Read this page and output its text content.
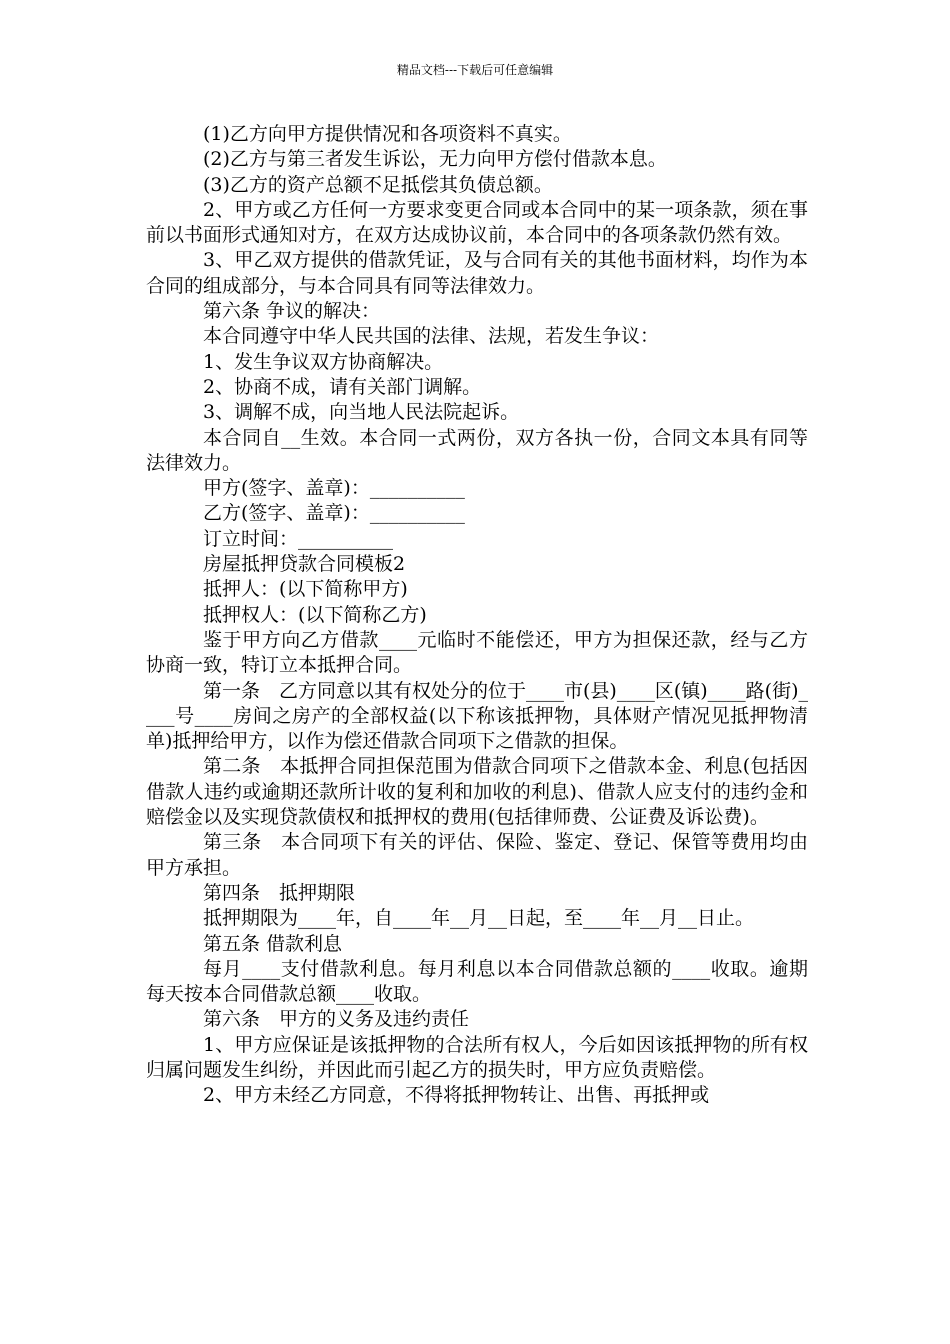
精品文档---下载后可任意编辑

(1)乙方向甲方提供情况和各项资料不真实。

(2)乙方与第三者发生诉讼，无力向甲方偿付借款本息。

(3)乙方的资产总额不足抵偿其负债总额。

2、甲方或乙方任何一方要求变更合同或本合同中的某一项条款，须在事前以书面形式通知对方，在双方达成协议前，本合同中的各项条款仍然有效。

3、甲乙双方提供的借款凭证，及与合同有关的其他书面材料，均作为本合同的组成部分，与本合同具有同等法律效力。

第六条 争议的解决：

本合同遵守中华人民共国的法律、法规，若发生争议：

1、发生争议双方协商解决。

2、协商不成，请有关部门调解。

3、调解不成，向当地人民法院起诉。

本合同自__生效。本合同一式两份，双方各执一份，合同文本具有同等法律效力。

甲方(签字、盖章)：__________

乙方(签字、盖章)：__________

订立时间：__________

房屋抵押贷款合同模板2

抵押人：(以下简称甲方)

抵押权人：(以下简称乙方)

鉴于甲方向乙方借款____元临时不能偿还，甲方为担保还款，经与乙方协商一致，特订立本抵押合同。

第一条　乙方同意以其有权处分的位于____市(县)____区(镇)____路(街)____号____房间之房产的全部权益(以下称该抵押物，具体财产情况见抵押物清单)抵押给甲方，以作为偿还借款合同项下之借款的担保。

第二条　本抵押合同担保范围为借款合同项下之借款本金、利息(包括因借款人违约或逾期还款所计收的复利和加收的利息)、借款人应支付的违约金和赔偿金以及实现贷款债权和抵押权的费用(包括律师费、公证费及诉讼费)。

第三条　本合同项下有关的评估、保险、鉴定、登记、保管等费用均由甲方承担。

第四条　抵押期限

抵押期限为____年，自____年__月__日起，至____年__月__日止。

第五条 借款利息

每月____支付借款利息。每月利息以本合同借款总额的____收取。逾期每天按本合同借款总额____收取。

第六条　甲方的义务及违约责任

1、甲方应保证是该抵押物的合法所有权人，今后如因该抵押物的所有权归属问题发生纠纷，并因此而引起乙方的损失时，甲方应负责赔偿。

2、甲方未经乙方同意，不得将抵押物转让、出售、再抵押或
